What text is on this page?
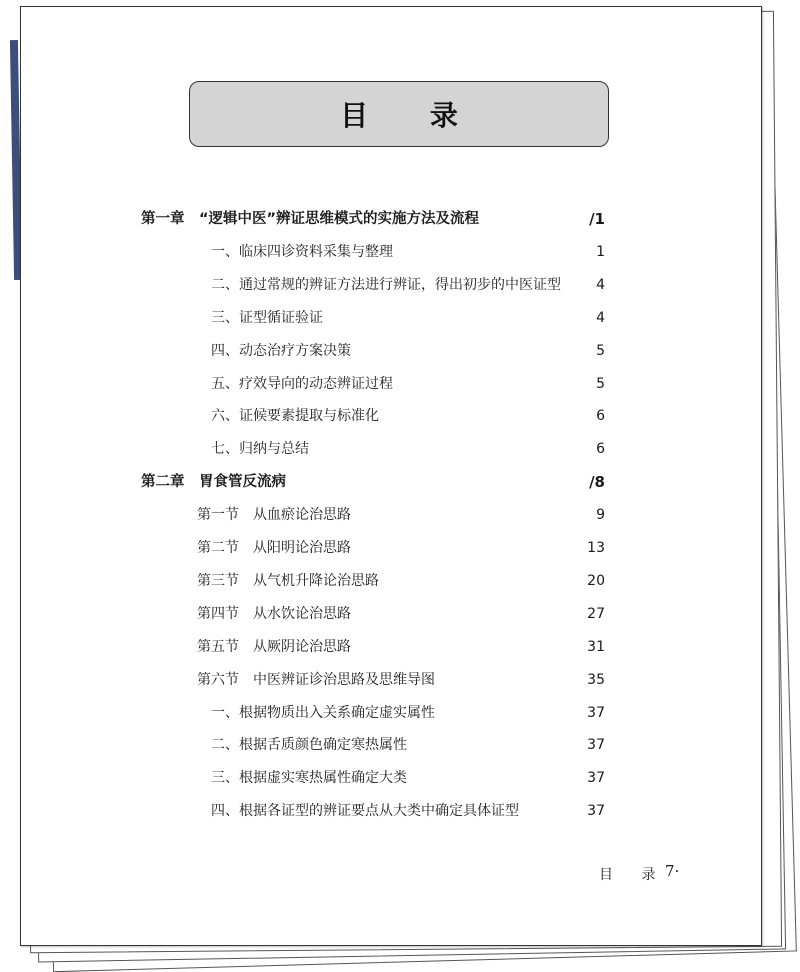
目 录
第一章　“逻辑中医”辨证思维模式的实施方法及流程	/1
一、临床四诊资料采集与整理	1
二、通过常规的辨证方法进行辨证，得出初步的中医证型	4
三、证型循证验证	4
四、动态治疗方案决策	5
五、疗效导向的动态辨证过程	5
六、证候要素提取与标准化	6
七、归纳与总结	6
第二章　胃食管反流病	/8
第一节　从血瘀论治思路	9
第二节　从阳明论治思路	13
第三节　从气机升降论治思路	20
第四节　从水饮论治思路	27
第五节　从厥阴论治思路	31
第六节　中医辨证诊治思路及思维导图	35
一、根据物质出入关系确定虚实属性	37
二、根据舌质颜色确定寒热属性	37
三、根据虚实寒热属性确定大类	37
四、根据各证型的辨证要点从大类中确定具体证型	37
目 录
7·
